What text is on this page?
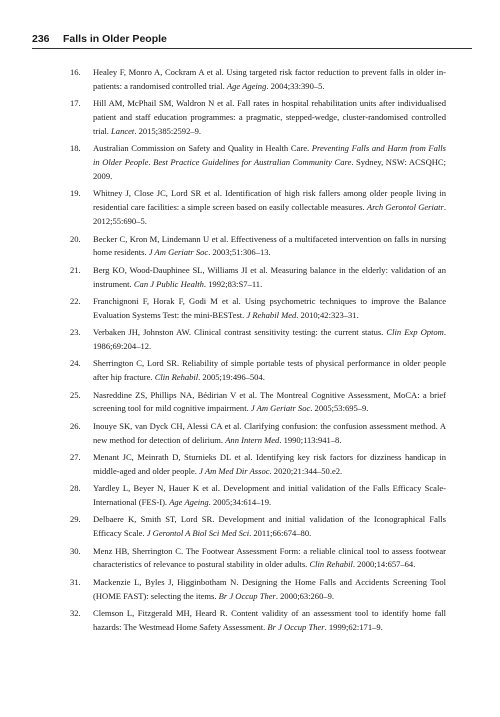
236 Falls in Older People
16. Healey F, Monro A, Cockram A et al. Using targeted risk factor reduction to prevent falls in older in-patients: a randomised controlled trial. Age Ageing. 2004;33:390–5.
17. Hill AM, McPhail SM, Waldron N et al. Fall rates in hospital rehabilitation units after individualised patient and staff education programmes: a pragmatic, stepped-wedge, cluster-randomised controlled trial. Lancet. 2015;385:2592–9.
18. Australian Commission on Safety and Quality in Health Care. Preventing Falls and Harm from Falls in Older People. Best Practice Guidelines for Australian Community Care. Sydney, NSW: ACSQHC; 2009.
19. Whitney J, Close JC, Lord SR et al. Identification of high risk fallers among older people living in residential care facilities: a simple screen based on easily collectable measures. Arch Gerontol Geriatr. 2012;55:690–5.
20. Becker C, Kron M, Lindemann U et al. Effectiveness of a multifaceted intervention on falls in nursing home residents. J Am Geriatr Soc. 2003;51:306–13.
21. Berg KO, Wood-Dauphinee SL, Williams JI et al. Measuring balance in the elderly: validation of an instrument. Can J Public Health. 1992;83:S7–11.
22. Franchignoni F, Horak F, Godi M et al. Using psychometric techniques to improve the Balance Evaluation Systems Test: the mini-BESTest. J Rehabil Med. 2010;42:323–31.
23. Verbaken JH, Johnston AW. Clinical contrast sensitivity testing: the current status. Clin Exp Optom. 1986;69:204–12.
24. Sherrington C, Lord SR. Reliability of simple portable tests of physical performance in older people after hip fracture. Clin Rehabil. 2005;19:496–504.
25. Nasreddine ZS, Phillips NA, Bédirian V et al. The Montreal Cognitive Assessment, MoCA: a brief screening tool for mild cognitive impairment. J Am Geriatr Soc. 2005;53:695–9.
26. Inouye SK, van Dyck CH, Alessi CA et al. Clarifying confusion: the confusion assessment method. A new method for detection of delirium. Ann Intern Med. 1990;113:941–8.
27. Menant JC, Meinrath D, Sturnieks DL et al. Identifying key risk factors for dizziness handicap in middle-aged and older people. J Am Med Dir Assoc. 2020;21:344–50.e2.
28. Yardley L, Beyer N, Hauer K et al. Development and initial validation of the Falls Efficacy Scale-International (FES-I). Age Ageing. 2005;34:614–19.
29. Delbaere K, Smith ST, Lord SR. Development and initial validation of the Iconographical Falls Efficacy Scale. J Gerontol A Biol Sci Med Sci. 2011;66:674–80.
30. Menz HB, Sherrington C. The Footwear Assessment Form: a reliable clinical tool to assess footwear characteristics of relevance to postural stability in older adults. Clin Rehabil. 2000;14:657–64.
31. Mackenzie L, Byles J, Higginbotham N. Designing the Home Falls and Accidents Screening Tool (HOME FAST): selecting the items. Br J Occup Ther. 2000;63:260–9.
32. Clemson L, Fitzgerald MH, Heard R. Content validity of an assessment tool to identify home fall hazards: The Westmead Home Safety Assessment. Br J Occup Ther. 1999;62:171–9.
